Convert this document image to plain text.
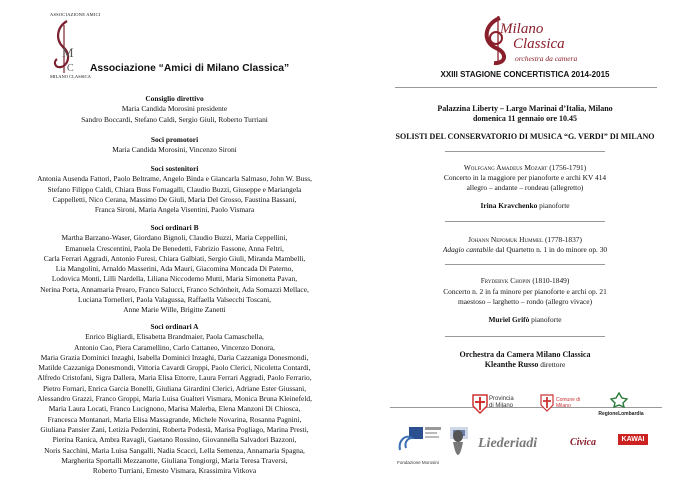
ASSOCIAZIONE AMICI
M
C
MILANO CLASSICA
Associazione “Amici di Milano Classica”
Consiglio direttivo
Maria Candida Morosini presidente
Sandro Boccardi, Stefano Caldi, Sergio Giuli, Roberto Turriani
Soci promotori
Maria Candida Morosini, Vincenzo Sironi
Soci sostenitori
Antonia Ausenda Fattori, Paolo Beltrame, Angelo Binda e Giancarla Salmaso, John W. Buss,
Stefano Filippo Caldi, Chiara Buss Fornagalli, Claudio Buzzi, Giuseppe e Mariangela
Cappelletti, Nico Cerana, Massimo De Giuli, Maria Del Grosso, Faustina Bassani,
Franca Sironi, Maria Angela Visentini, Paolo Vismara
Soci ordinari B
Martha Barzano-Waser, Giordano Bignoli, Claudio Buzzi, Maria Ceppellini,
Emanuela Crescentini, Paola De Benedetti, Fabrizio Fassone, Anna Feltri,
Carla Ferrari Aggradi, Antonio Furesi, Chiara Galbiati, Sergio Giuli, Miranda Mambelli,
Lia Mangolini, Arnaldo Masserini, Ada Mauri, Giacomina Moncada Di Paterno,
Lodovica Monti, Lilli Nardella, Liliana Niccodemo Mutti, Maria Simonetta Pavan,
Nerina Porta, Annamaria Prearo, Franco Salucci, Franco Schönheit, Ada Somazzi Mellace,
Luciana Tornelleri, Paola Valagussa, Raffaella Valsecchi Toscani,
Anne Marie Wille, Brigitte Zanetti
Soci ordinari A
Enrico Bigliardi, Elisabetta Brandmaier, Paola Camaschella,
Antonio Cao, Piera Caramellino, Carlo Cattaneo, Vincenzo Donora,
Maria Grazia Dominici Inzaghi, Isabella Dominici Inzaghi, Daria Cazzaniga Donesmondi,
Matilde Cazzaniga Donesmondi, Vittoria Cavardi Groppi, Paolo Clerici, Nicoletta Contardi,
Alfredo Cristofani, Sigra Dallera, Maria Elisa Ettorre, Laura Ferrari Aggradi, Paolo Ferrario,
Pietro Fornari, Enrica Garcia Bonelli, Giuliana Girardini Clerici, Adriane Ester Giussani,
Alessandro Grazzi, Franco Groppi, Maria Luisa Gualteri Vismara, Monica Bruna Kleinefeld,
Maria Laura Locati, Franco Lucignono, Marisa Malerba, Elena Manzoni Di Chiosca,
Francesca Montanari, Maria Elisa Massagrande, Michele Novarina, Rosanna Pagnini,
Giuliana Pansier Zani, Letizia Pederzini, Roberta Podestà, Marisa Pogliago, Marina Presti,
Pierina Ranica, Ambra Ravagli, Gaetano Rossino, Giovannella Salvadori Bazzoni,
Noris Sacchini, Maria Luisa Sangalli, Nadia Scacci, Lella Semenza, Annamaria Spagna,
Margherita Sportalli Mezzanotte, Giuliana Tongiorgi, Maria Teresa Traversi,
Roberto Turriani, Ernesto Vismara, Krassimira Vitkova
Milano
Classica
orchestra da camera
XXIII STAGIONE CONCERTISTICA 2014-2015
Palazzina Liberty – Largo Marinai d’Italia, Milano
domenica 11 gennaio ore 10.45
SOLISTI DEL CONSERVATORIO DI MUSICA “G. VERDI” DI MILANO
Wolfgang Amadeus Mozart (1756-1791)
Concerto in la maggiore per pianoforte e archi KV 414
allegro – andante – rondeau (allegretto)
Irina Kravchenko pianoforte
Johann Nepomuk Hummel (1778-1837)
Adagio cantabile dal Quartetto n. 1 in do minore op. 30
Fryderyk Chopin (1810-1849)
Concerto n. 2 in fa minore per pianoforte e archi op. 21
maestoso – larghetto – rondo (allegro vivace)
Muriel Grifò pianoforte
Orchestra da Camera Milano Classica
Kleanthe Russo direttore
Provincia di Milano
Comune di Milano
RegioneLombardia
Fondazione Morosini
Liederiadi	Civica	KAWAI
